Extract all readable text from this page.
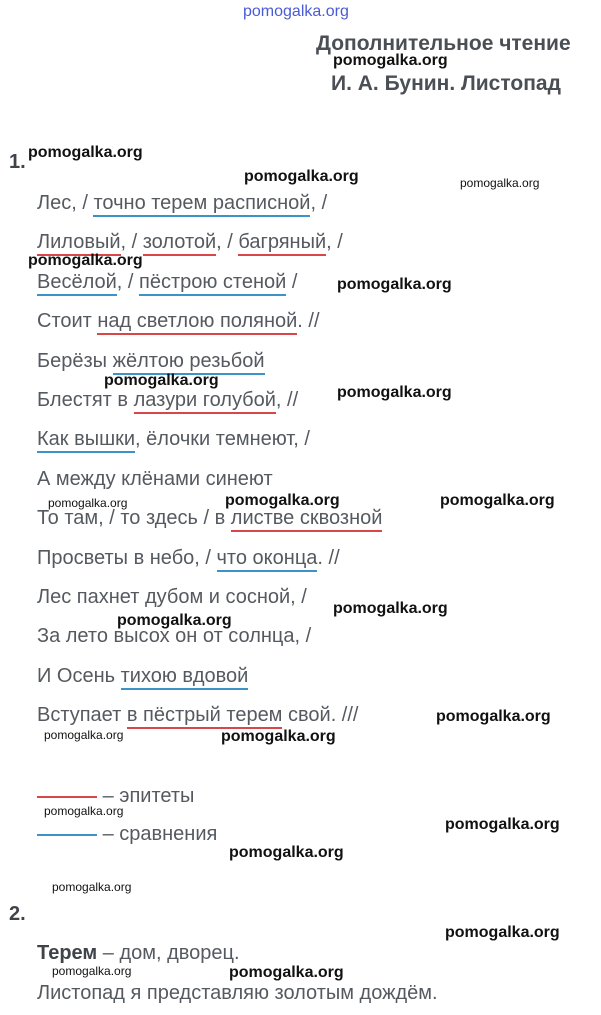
pomogalka.org
Дополнительное чтение
И. А. Бунин. Листопад
1.
Лес, / точно терем расписной, /
Лиловый, / золотой, / багряный, /
Весёлой, / пёстрою стеной /
Стоит над светлою поляной. //
Берёзы жёлтою резьбой
Блестят в лазури голубой, //
Как вышки, ёлочки темнеют, /
А между клёнами синеют
То там, / то здесь / в листве сквозной
Просветы в небо, / что оконца. //
Лес пахнет дубом и сосной, /
За лето высох он от солнца, /
И Осень тихою вдовой
Вступает в пёстрый терем свой. ///
– эпитеты
– сравнения
2.
Терем – дом, дворец.
Листопад я представляю золотым дождём.
pomogalka.org
pomogalka.org
pomogalka.org	pomogalka.org
pomogalka.org
pomogalka.org
pomogalka.org
pomogalka.org
pomogalka.org	pomogalka.org	pomogalka.org
pomogalka.org
pomogalka.org
pomogalka.org
pomogalka.org	pomogalka.org
pomogalka.org
pomogalka.org
pomogalka.org
pomogalka.org
pomogalka.org
pomogalka.org	pomogalka.org
